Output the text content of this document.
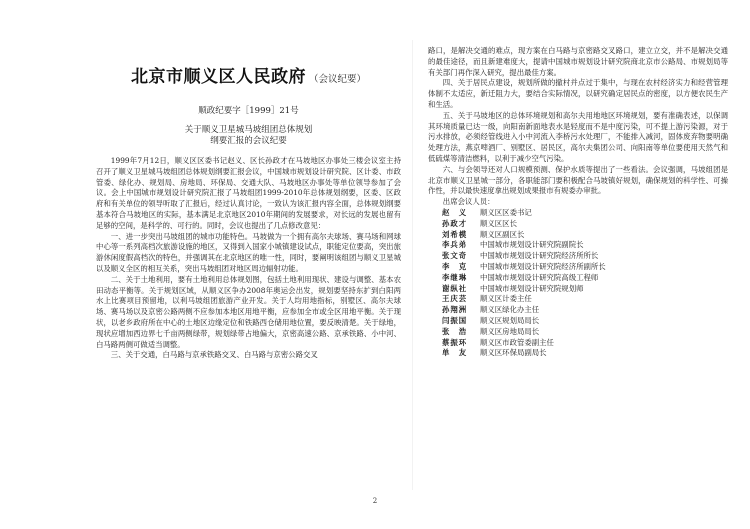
北京市顺义区人民政府 （会议纪要）
顺政纪要字［1999］21号
关于顺义卫星城马坡组团总体规划
纲要汇报的会议纪要

1999年7月12日，顺义区区委书记赵义、区长孙政才在马坡地区办事处三楼会议室主持召开了顺义卫星城马坡组团总体规划纲要汇报会议，中国城市规划设计研究院、区计委、市政管委、绿化办、规划局、房地局、环保局、交通大队、马坡地区办事处等单位领导参加了会议。会上中国城市规划设计研究院汇报了马坡组团1999-2010年总体规划纲要，区委、区政府和有关单位的领导听取了汇报后，经过认真讨论，一致认为该汇报内容全面，总体规划纲要基本符合马坡地区的实际，基本满足北京地区2010年期间的发展要求，对长远的发展也留有足够的空间，是科学的、可行的。同时，会议也提出了几点修改意见：

一、进一步突出马坡组团的城市功能特色。马坡做为一个拥有高尔夫球场、赛马场和网球中心等一系列高档次旅游设施的地区，又得到入国家小城镇建设试点，职能定位要高，突出旅游休闲度假高档次的特色，并强调其在北京地区的唯一性，同时，要阐明该组团与顺义卫星城以及顺义全区的相互关系，突出马坡组团对地区周边辐射功能。

二、关于土地利用，要有土地利用总体规划图，包括土地利用现状、建设与调整、基本农田动态平衡等。关于规划区域，从顺义区争办2008年奥运会出发，规划要坚持东扩到白阳两水上比赛项目预留地，以利马坡组团旅游产业开发。关于人均用地指标，别墅区、高尔夫球场、赛马场以及京密公路两侧不应参加本地区用地平衡，应参加全市或全区用地平衡。关于现状，以老乡政府所在中心的土地区边缘定位和铁路西仓储用地位置，要反映清楚。关于绿地，现状应增加西边界七千亩两侧绿带，规划绿带占地偏大，京密高速公路、京承铁路、小中河、白马路两侧可做适当调整。

三、关于交通，白马路与京承铁路交叉、白马路与京密公路交叉

路口，是解决交通的难点，现方案在白马路与京密路交叉路口，建立立交，并不是解决交通的最佳途径，而且新建难度大，提请中国城市规划设计研究院商北京市公路局、市规划局等有关部门再作深入研究，提出最佳方案。

四、关于居民点建设，规划所做的撤村并点过于集中，与现在农村经济实力和经营管理体制不太适应，新迁阻力大，要结合实际情况，以研究确定居民点的密度，以方便农民生产和生活。

五、关于马坡地区的总体环境规划和高尔夫用地地区环境规划，要有准确表述，以保调其环境质量已达一级，向阳南新面地表水是轻度而不是中度污染，可不提上游污染源，对于污水排放，必须经管线进入小中河流入李桥污水处理厂，不能排入减河，固体废弃物要明确处理方法，燕京啤酒厂、别墅区、居民区，高尔夫集团公司、向阳南等单位要使用天然气和低硫煤等清洁燃料，以利于减少空气污染。

六、与会领导还对人口规模预测、保护水质等提出了一些看法。会议强调，马坡组团是北京市顺义卫星城一部分，各职能部门要积极配合马坡镇好规划，确保规划的科学性、可操作性，并以最快速度拿出规划成果报市有规委办审批。

出席会议人员：

赵　义 顺义区区委书记
孙政才 顺义区区长
刘希模 顺义区副区长
李兵弟 中国城市规划设计研究院副院长
张文奇 中国城市规划设计研究院经济所所长
李　克 中国城市规划设计研究院经济所副所长
李继琳 中国城市规划设计研究院高级工程师
谢纵社 中国城市规划设计研究院规划师
王庆芸 顺义区计委主任
孙翔洲 顺义区绿化办主任
闫振国 顺义区规划局局长
张　浩 顺义区房地局局长
蔡振环 顺义区市政管委副主任
单　友 顺义区环保局副局长
2
